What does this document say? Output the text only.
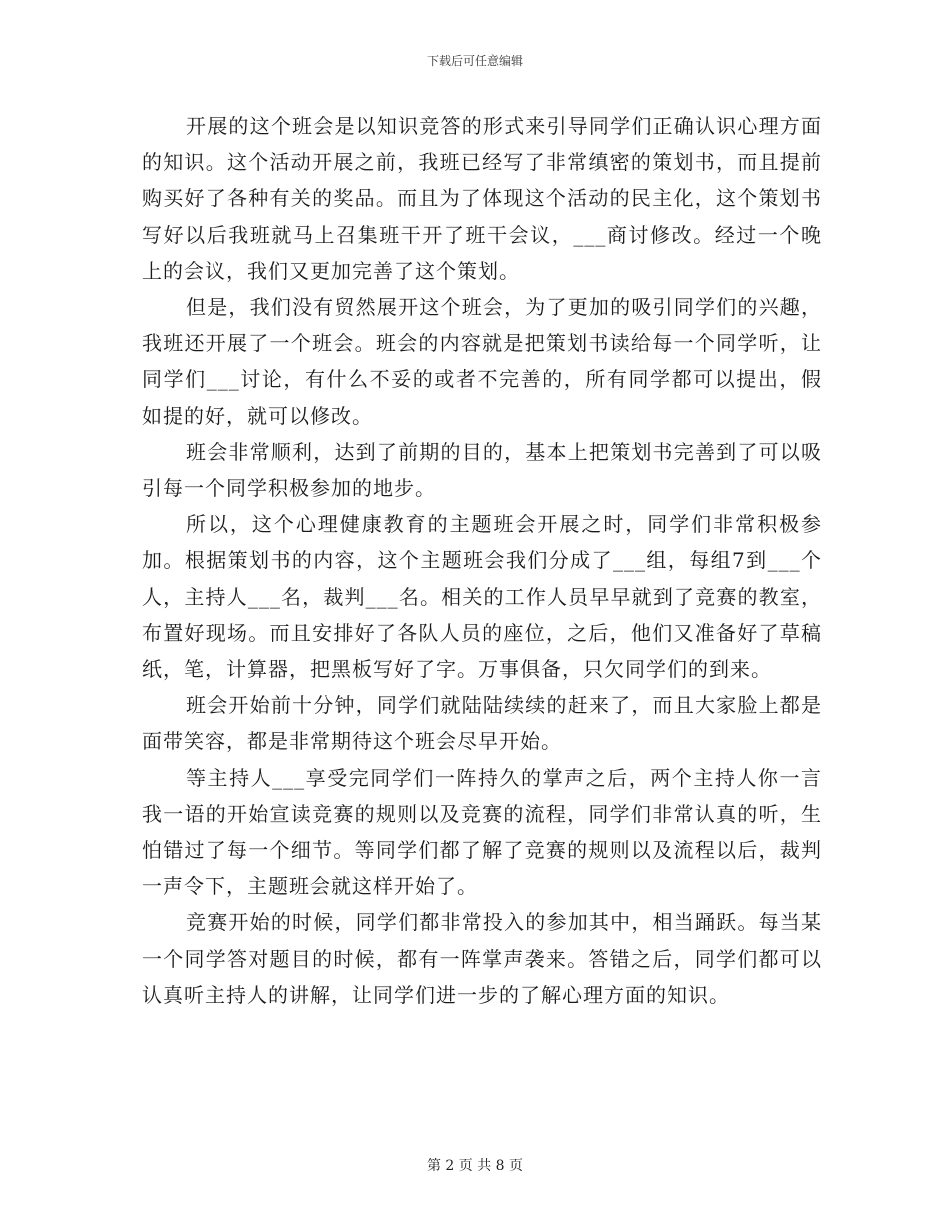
下载后可任意编辑

开展的这个班会是以知识竞答的形式来引导同学们正确认识心理方面的知识。这个活动开展之前，我班已经写了非常缜密的策划书，而且提前购买好了各种有关的奖品。而且为了体现这个活动的民主化，这个策划书写好以后我班就马上召集班干开了班干会议，___商讨修改。经过一个晚上的会议，我们又更加完善了这个策划。

但是，我们没有贸然展开这个班会，为了更加的吸引同学们的兴趣，我班还开展了一个班会。班会的内容就是把策划书读给每一个同学听，让同学们___讨论，有什么不妥的或者不完善的，所有同学都可以提出，假如提的好，就可以修改。

班会非常顺利，达到了前期的目的，基本上把策划书完善到了可以吸引每一个同学积极参加的地步。

所以，这个心理健康教育的主题班会开展之时，同学们非常积极参加。根据策划书的内容，这个主题班会我们分成了___组，每组7到___个人，主持人___名，裁判___名。相关的工作人员早早就到了竞赛的教室，布置好现场。而且安排好了各队人员的座位，之后，他们又准备好了草稿纸，笔，计算器，把黑板写好了字。万事俱备，只欠同学们的到来。

班会开始前十分钟，同学们就陆陆续续的赶来了，而且大家脸上都是面带笑容，都是非常期待这个班会尽早开始。

等主持人___享受完同学们一阵持久的掌声之后，两个主持人你一言我一语的开始宣读竞赛的规则以及竞赛的流程，同学们非常认真的听，生怕错过了每一个细节。等同学们都了解了竞赛的规则以及流程以后，裁判一声令下，主题班会就这样开始了。

竞赛开始的时候，同学们都非常投入的参加其中，相当踊跃。每当某一个同学答对题目的时候，都有一阵掌声袭来。答错之后，同学们都可以认真听主持人的讲解，让同学们进一步的了解心理方面的知识。

第 2 页 共 8 页
